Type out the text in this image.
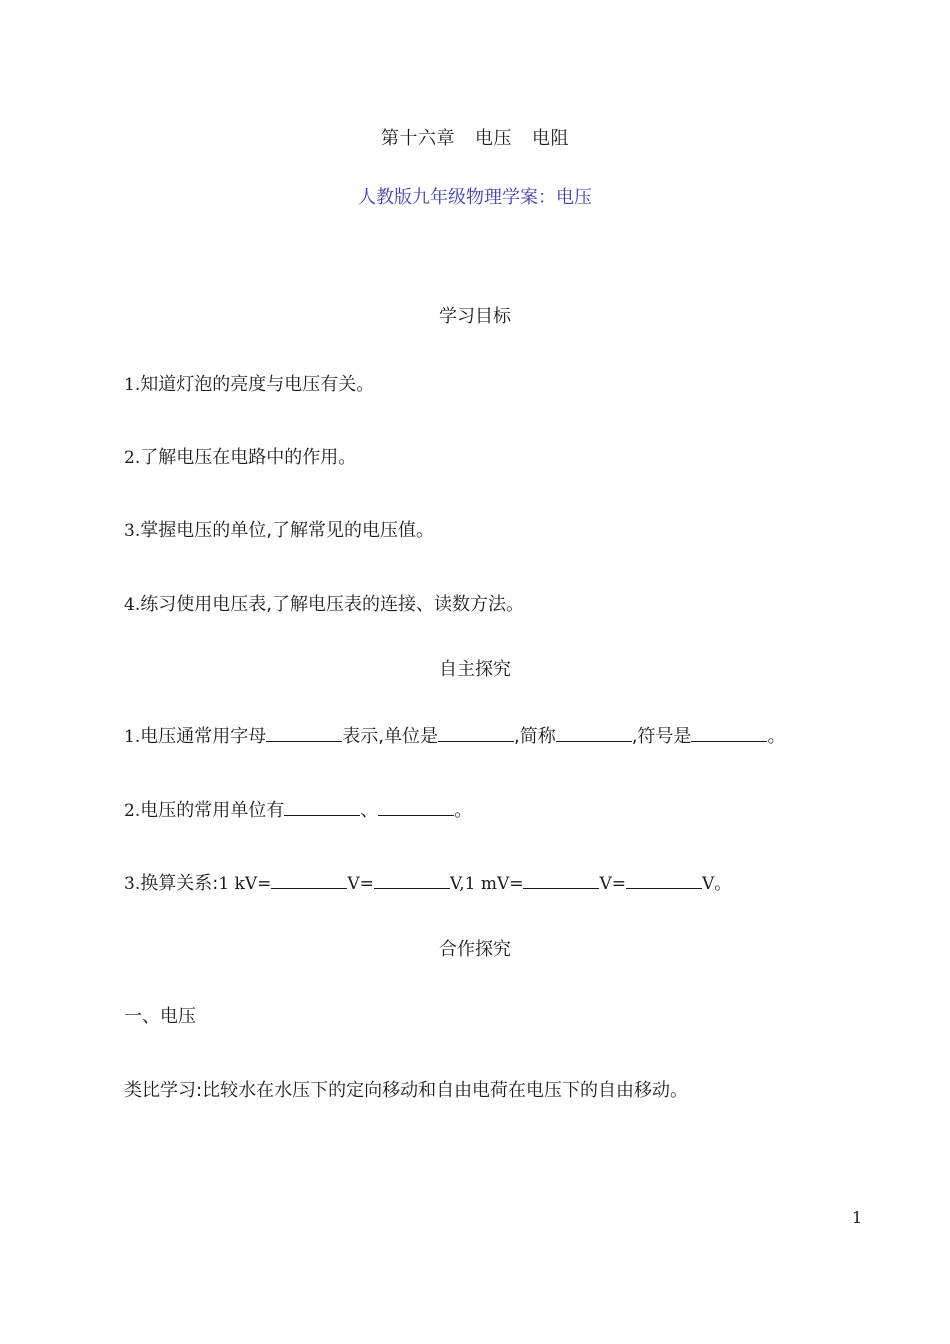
第十六章 电压 电阻
人教版九年级物理学案：电压
学习目标
1.知道灯泡的亮度与电压有关。
2.了解电压在电路中的作用。
3.掌握电压的单位,了解常见的电压值。
4.练习使用电压表,了解电压表的连接、读数方法。
自主探究
1.电压通常用字母	表示,单位是	,简称	,符号是	。
2.电压的常用单位有	、	。
3.换算关系:1 kV=	V=	V,1 mV=	V=	V。
合作探究
一、电压
类比学习:比较水在水压下的定向移动和自由电荷在电压下的自由移动。
1
